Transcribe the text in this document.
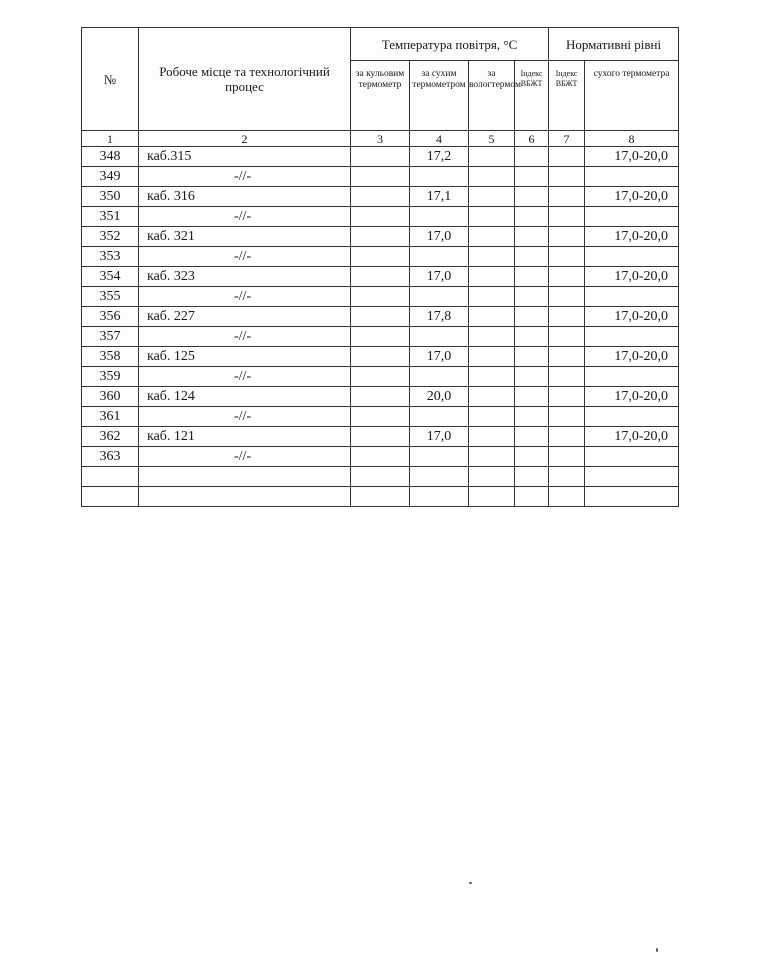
№	Робоче місце та технологічний процес	Температура повітря, °С				Нормативні рівні	
		за кульовим термометр	за сухим термометром	за вологтермом	Індекс ВБЖТ	Індекс ВБЖТ	сухого термометра
1	2	3	4	5	6	7	8
348	каб.315		17,2				17,0-20,0
349	-//-						
350	каб. 316		17,1				17,0-20,0
351	-//-						
352	каб. 321		17,0				17,0-20,0
353	-//-						
354	каб. 323		17,0				17,0-20,0
355	-//-						
356	каб. 227		17,8				17,0-20,0
357	-//-						
358	каб. 125		17,0				17,0-20,0
359	-//-						
360	каб. 124		20,0				17,0-20,0
361	-//-						
362	каб. 121		17,0				17,0-20,0
363	-//-						
